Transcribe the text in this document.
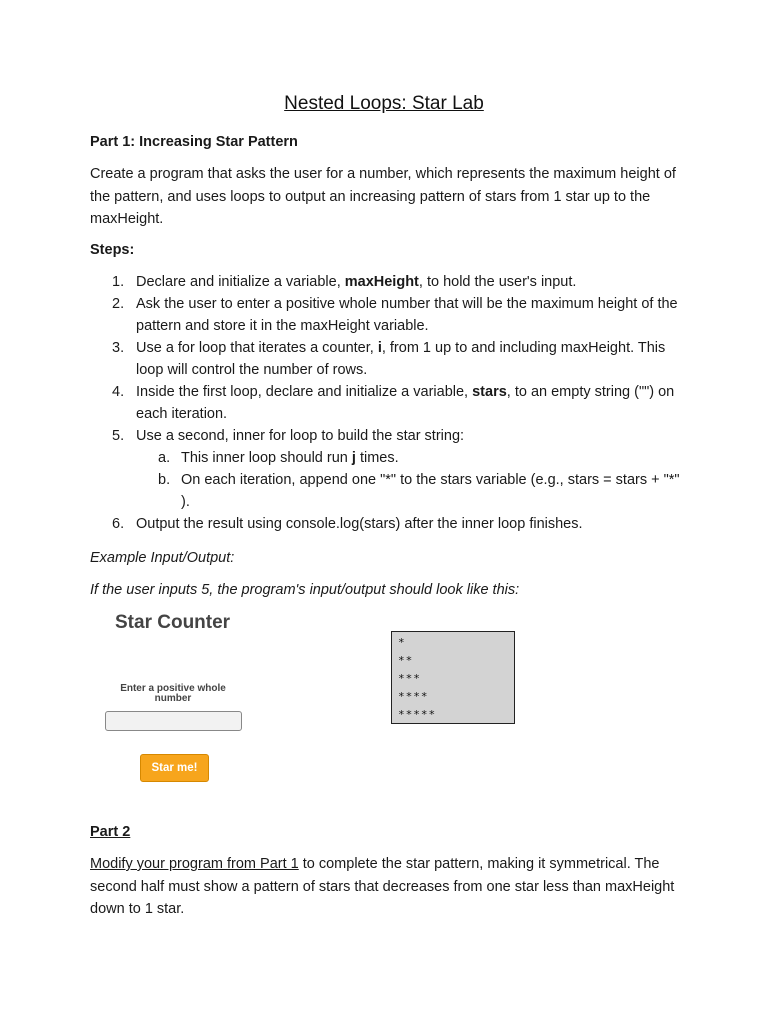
Nested Loops: Star Lab

Part 1: Increasing Star Pattern

Create a program that asks the user for a number, which represents the maximum height of the pattern, and uses loops to output an increasing pattern of stars from 1 star up to the maxHeight.

Steps:

1. Declare and initialize a variable, maxHeight, to hold the user's input.
2. Ask the user to enter a positive whole number that will be the maximum height of the pattern and store it in the maxHeight variable.
3. Use a for loop that iterates a counter, i, from 1 up to and including maxHeight. This loop will control the number of rows.
4. Inside the first loop, declare and initialize a variable, stars, to an empty string ("") on each iteration.
5. Use a second, inner for loop to build the star string:
a. This inner loop should run j times.
b. On each iteration, append one "*" to the stars variable (e.g., stars = stars + "*" ).
6. Output the result using console.log(stars) after the inner loop finishes.

Example Input/Output:

If the user inputs 5, the program's input/output should look like this:

Star Counter
Enter a positive whole number
Star me!
*
**
***
****
*****

Part 2

Modify your program from Part 1 to complete the star pattern, making it symmetrical. The second half must show a pattern of stars that decreases from one star less than maxHeight down to 1 star.
